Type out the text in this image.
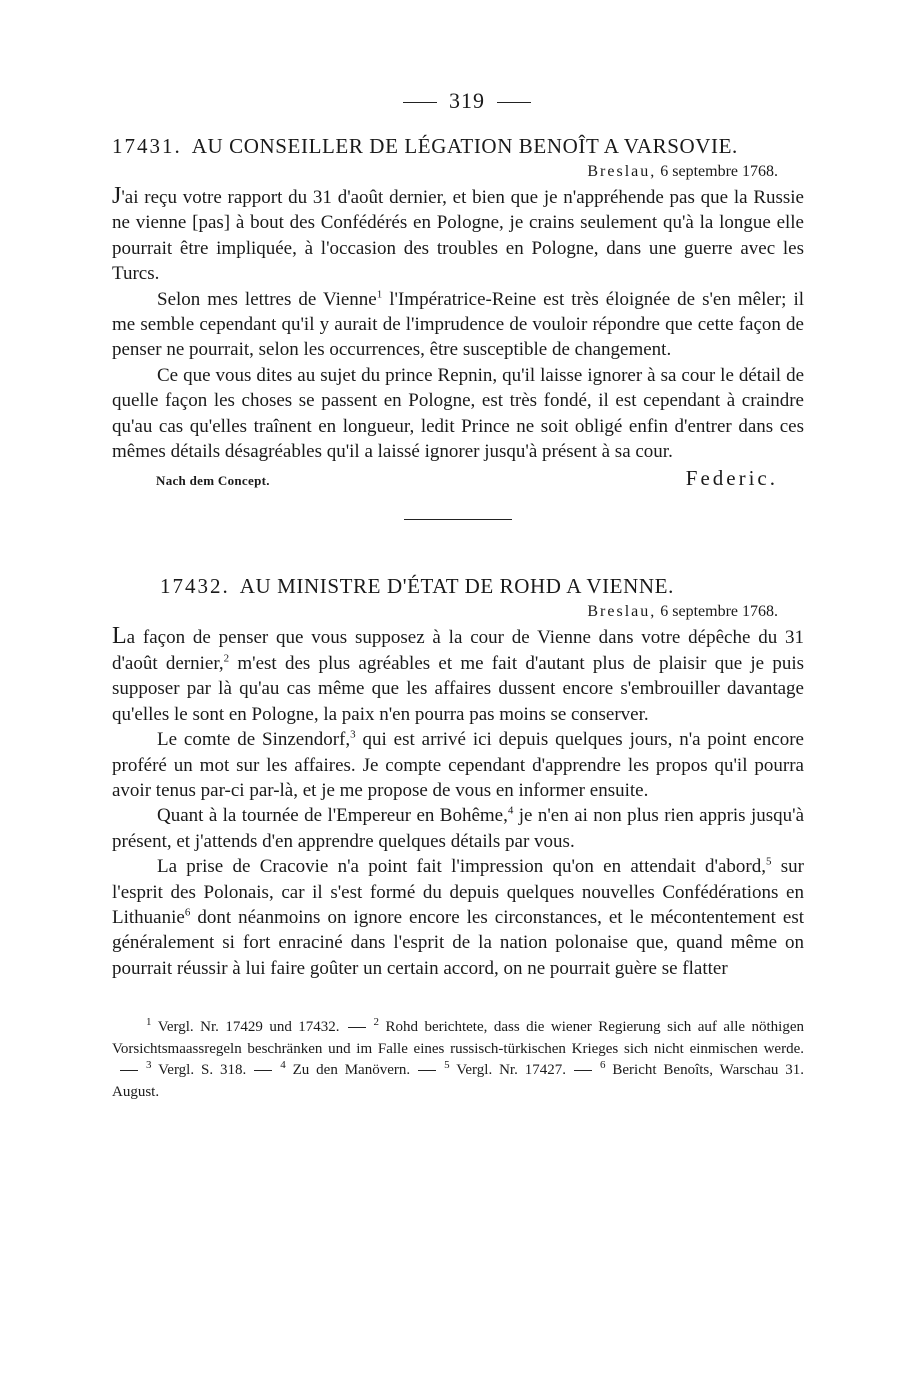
319
17431. AU CONSEILLER DE LÉGATION BENOÎT A VARSOVIE.
Breslau, 6 septembre 1768.

J'ai reçu votre rapport du 31 d'août dernier, et bien que je n'appréhende pas que la Russie ne vienne [pas] à bout des Confédérés en Pologne, je crains seulement qu'à la longue elle pourrait être impliquée, à l'occasion des troubles en Pologne, dans une guerre avec les Turcs.

Selon mes lettres de Vienne$^1$ l'Impératrice-Reine est très éloignée de s'en mêler; il me semble cependant qu'il y aurait de l'imprudence de vouloir répondre que cette façon de penser ne pourrait, selon les occurrences, être susceptible de changement.

Ce que vous dites au sujet du prince Repnin, qu'il laisse ignorer à sa cour le détail de quelle façon les choses se passent en Pologne, est très fondé, il est cependant à craindre qu'au cas qu'elles traînent en longueur, ledit Prince ne soit obligé enfin d'entrer dans ces mêmes détails désagréables qu'il a laissé ignorer jusqu'à présent à sa cour.

Nach dem Concept.	Federic.
17432. AU MINISTRE D'ÉTAT DE ROHD A VIENNE.
Breslau, 6 septembre 1768.

La façon de penser que vous supposez à la cour de Vienne dans votre dépêche du 31 d'août dernier,$^2$ m'est des plus agréables et me fait d'autant plus de plaisir que je puis supposer par là qu'au cas même que les affaires dussent encore s'embrouiller davantage qu'elles le sont en Pologne, la paix n'en pourra pas moins se conserver.

Le comte de Sinzendorf,$^3$ qui est arrivé ici depuis quelques jours, n'a point encore proféré un mot sur les affaires. Je compte cependant d'apprendre les propos qu'il pourra avoir tenus par-ci par-là, et je me propose de vous en informer ensuite.

Quant à la tournée de l'Empereur en Bohême,$^4$ je n'en ai non plus rien appris jusqu'à présent, et j'attends d'en apprendre quelques détails par vous.

La prise de Cracovie n'a point fait l'impression qu'on en attendait d'abord,$^5$ sur l'esprit des Polonais, car il s'est formé du depuis quelques nouvelles Confédérations en Lithuanie$^6$ dont néanmoins on ignore encore les circonstances, et le mécontentement est généralement si fort enraciné dans l'esprit de la nation polonaise que, quand même on pourrait réussir à lui faire goûter un certain accord, on ne pourrait guère se flatter

$^1$ Vergl. Nr. 17429 und 17432.	$^2$ Rohd berichtete, dass die wiener Regierung sich auf alle nöthigen Vorsichtsmaassregeln beschränken und im Falle eines russisch-türkischen Krieges sich nicht einmischen werde.$^3$ Vergl. S. 318.	$^4$ Zu den Manövern.	$^5$ Vergl. Nr. 17427.	$^6$ Bericht Benoîts, Warschau 31. August.
